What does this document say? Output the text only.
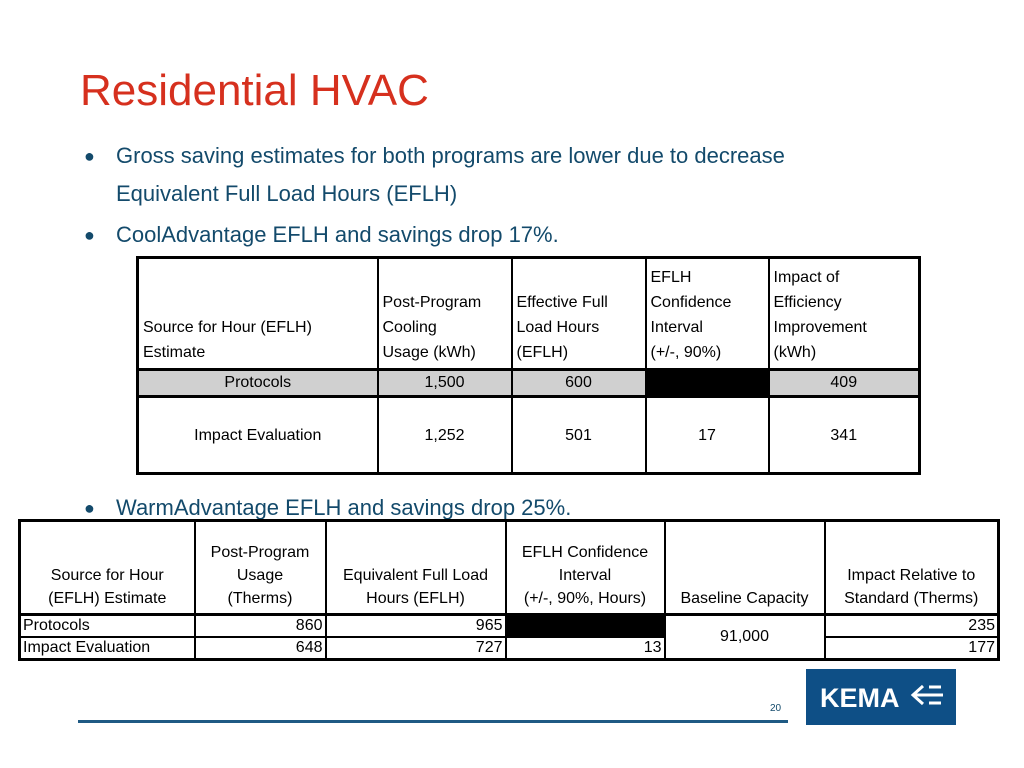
Residential HVAC
● Gross saving estimates for both programs are lower due to decrease
Equivalent Full Load Hours (EFLH)
● CoolAdvantage EFLH and savings drop 17%.
Source for Hour (EFLH)
Estimate	Post-Program
Cooling
Usage (kWh)	Effective Full
Load Hours
(EFLH)	EFLH
Confidence
Interval
(+/-, 90%)	Impact of
Efficiency
Improvement
(kWh)
Protocols	1,500	600		409
Impact Evaluation	1,252	501	17	341
● WarmAdvantage EFLH and savings drop 25%.
Source for Hour
(EFLH) Estimate	Post-Program
Usage
(Therms)	Equivalent Full Load
Hours (EFLH)	EFLH Confidence
Interval
(+/-, 90%, Hours)	Baseline Capacity	Impact Relative to
Standard (Therms)
Protocols	860	965		91,000	235
Impact Evaluation	648	727	13		177
20 KEMA
